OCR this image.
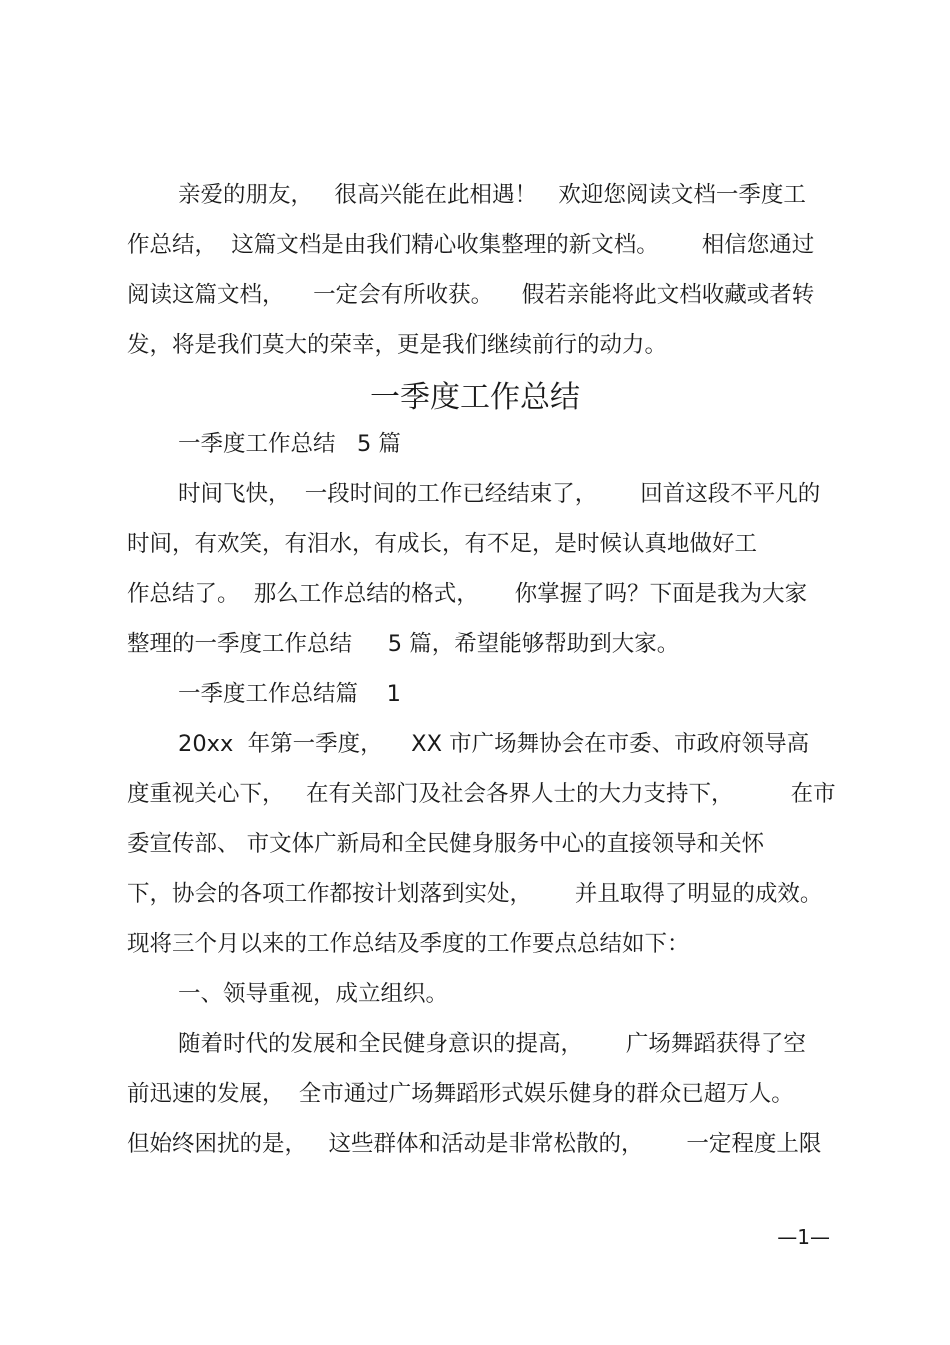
亲爱的朋友，   很高兴能在此相遇！   欢迎您阅读文档一季度工
作总结，  这篇文档是由我们精心收集整理的新文档。      相信您通过
阅读这篇文档，    一定会有所收获。    假若亲能将此文档收藏或者转
发，将是我们莫大的荣幸，更是我们继续前行的动力。
一季度工作总结
一季度工作总结   5 篇
时间飞快，  一段时间的工作已经结束了，      回首这段不平凡的
时间，有欢笑，有泪水，有成长，有不足，是时候认真地做好工
作总结了。  那么工作总结的格式，     你掌握了吗？下面是我为大家
整理的一季度工作总结     5 篇，希望能够帮助到大家。
一季度工作总结篇    1
20xx  年第一季度，    XX 市广场舞协会在市委、市政府领导高
度重视关心下，   在有关部门及社会各界人士的大力支持下，        在市
委宣传部、 市文体广新局和全民健身服务中心的直接领导和关怀
下，协会的各项工作都按计划落到实处，      并且取得了明显的成效。
现将三个月以来的工作总结及季度的工作要点总结如下：
一、领导重视，成立组织。
随着时代的发展和全民健身意识的提高，      广场舞蹈获得了空
前迅速的发展，  全市通过广场舞蹈形式娱乐健身的群众已超万人。
但始终困扰的是，   这些群体和活动是非常松散的，      一定程度上限
—1—
